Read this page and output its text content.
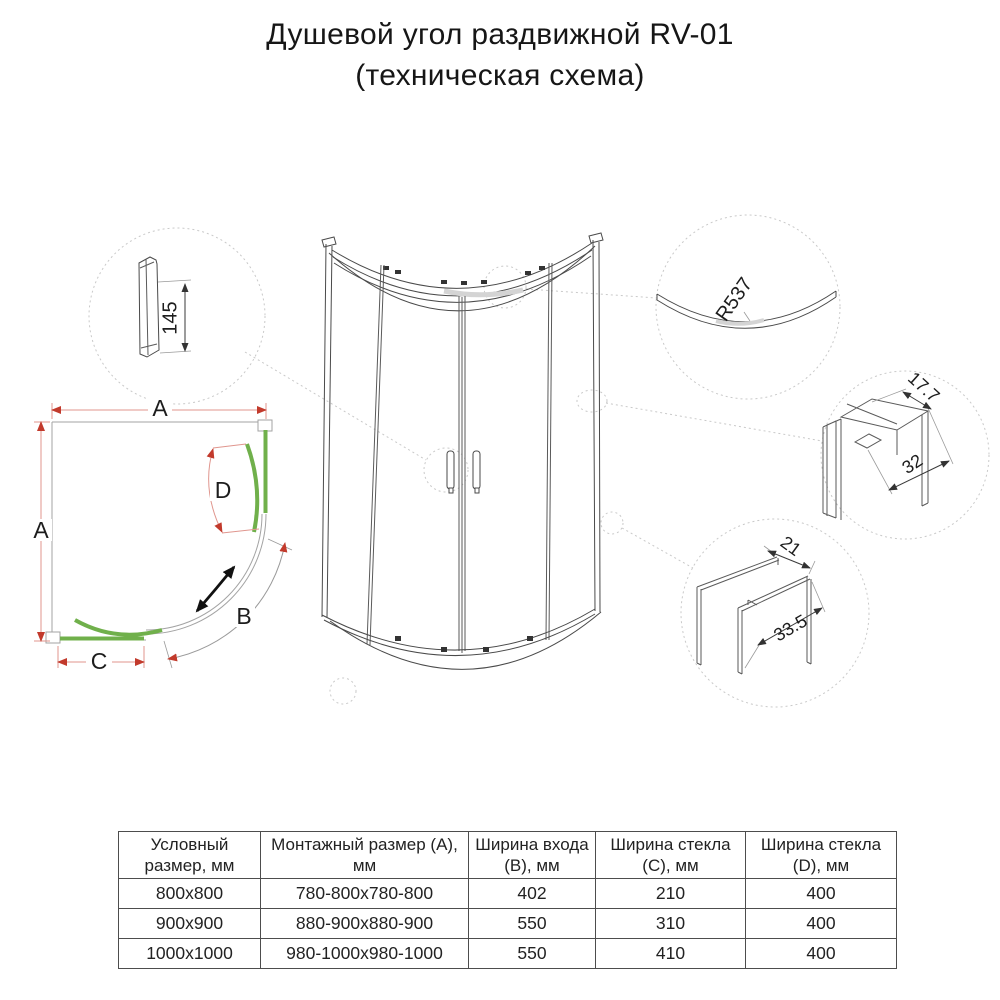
Душевой угол раздвижной RV-01
(техническая схема)
145	R537
17.7
32
21
33.5
A
A
C
D
B
Условный размер, мм	Монтажный размер (A), мм	Ширина входа (B), мм	Ширина стекла (C), мм	Ширина стекла (D), мм
800x800	780-800x780-800	402	210	400
900x900	880-900x880-900	550	310	400
1000x1000	980-1000x980-1000	550	410	400
